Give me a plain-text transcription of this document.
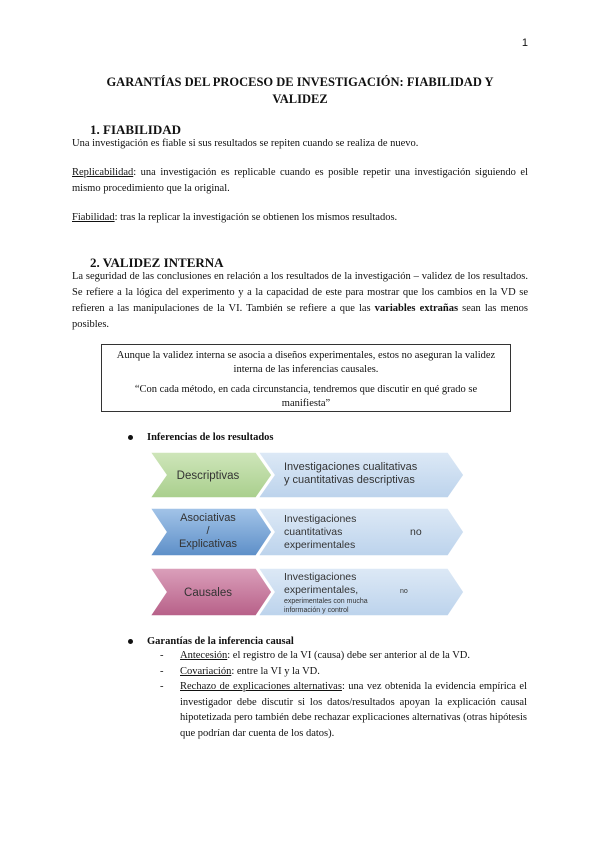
1
GARANTÍAS DEL PROCESO DE INVESTIGACIÓN: FIABILIDAD Y
VALIDEZ
1. FIABILIDAD
Una investigación es fiable si sus resultados se repiten cuando se realiza de nuevo.
Replicabilidad: una investigación es replicable cuando es posible repetir una investigación siguiendo el mismo procedimiento que la original.
Fiabilidad: tras la replicar la investigación se obtienen los mismos resultados.
2. VALIDEZ INTERNA
La seguridad de las conclusiones en relación a los resultados de la investigación – validez de los resultados. Se refiere a la lógica del experimento y a la capacidad de este para mostrar que los cambios en la VD se refieren a las manipulaciones de la VI. También se refiere a que las variables extrañas sean las menos posibles.
Aunque la validez interna se asocia a diseños experimentales, estos no aseguran la validez interna de las inferencias causales.
“Con cada método, en cada circunstancia, tendremos que discutir en qué grado se manifiesta”
Inferencias de los resultados
Descriptivas
Investigaciones cualitativas
y cuantitativas descriptivas
Asociativas
/
Explicativas
Investigaciones
cuantitativas
experimentales
no
Causales
Investigaciones
experimentales,	no
experimentales con mucha
información y control
Garantías de la inferencia causal
-	Antecesión: el registro de la VI (causa) debe ser anterior al de la VD.
-	Covariación: entre la VI y la VD.
-	Rechazo de explicaciones alternativas: una vez obtenida la evidencia empírica el investigador debe discutir si los datos/resultados apoyan la explicación causal hipotetizada pero también debe rechazar explicaciones alternativas (otras hipótesis que podrían dar cuenta de los datos).
